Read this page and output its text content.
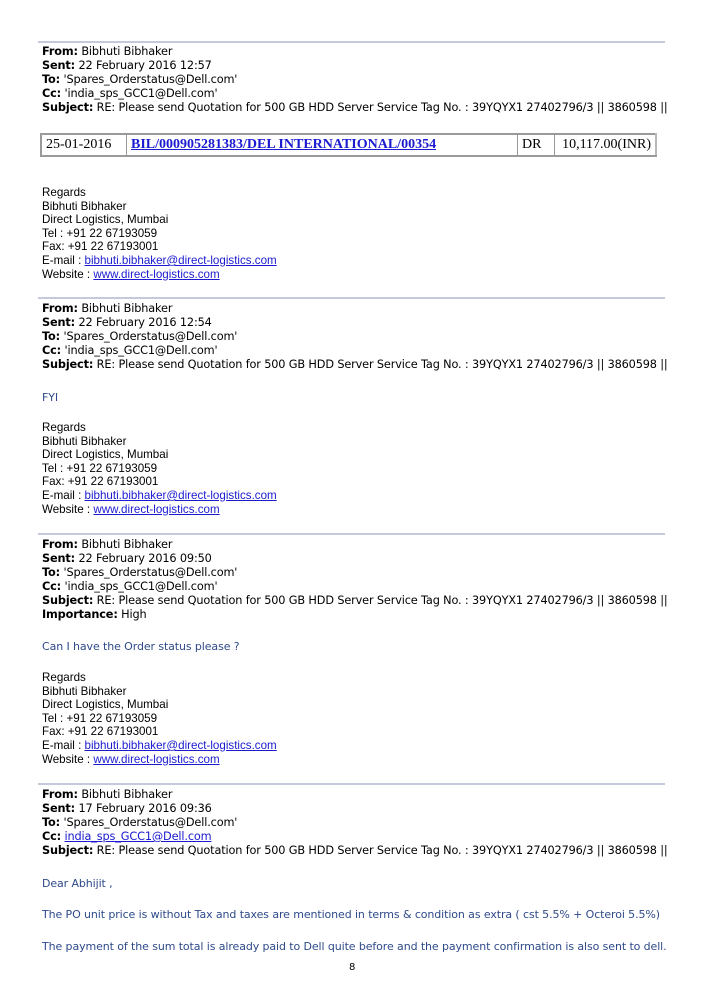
From: Bibhuti Bibhaker
Sent: 22 February 2016 12:57
To: 'Spares_Orderstatus@Dell.com'
Cc: 'india_sps_GCC1@Dell.com'
Subject: RE: Please send Quotation for 500 GB HDD Server Service Tag No. : 39YQYX1 27402796/3 || 3860598 ||
25-01-2016	BIL/000905281383/DEL INTERNATIONAL/00354	DR	10,117.00(INR)
Regards
Bibhuti Bibhaker
Direct Logistics, Mumbai
Tel : +91 22 67193059
Fax: +91 22 67193001
E-mail : bibhuti.bibhaker@direct-logistics.com
Website : www.direct-logistics.com
From: Bibhuti Bibhaker
Sent: 22 February 2016 12:54
To: 'Spares_Orderstatus@Dell.com'
Cc: 'india_sps_GCC1@Dell.com'
Subject: RE: Please send Quotation for 500 GB HDD Server Service Tag No. : 39YQYX1 27402796/3 || 3860598 ||
FYI
Regards
Bibhuti Bibhaker
Direct Logistics, Mumbai
Tel : +91 22 67193059
Fax: +91 22 67193001
E-mail : bibhuti.bibhaker@direct-logistics.com
Website : www.direct-logistics.com
From: Bibhuti Bibhaker
Sent: 22 February 2016 09:50
To: 'Spares_Orderstatus@Dell.com'
Cc: 'india_sps_GCC1@Dell.com'
Subject: RE: Please send Quotation for 500 GB HDD Server Service Tag No. : 39YQYX1 27402796/3 || 3860598 ||
Importance: High
Can I have the Order status please ?
Regards
Bibhuti Bibhaker
Direct Logistics, Mumbai
Tel : +91 22 67193059
Fax: +91 22 67193001
E-mail : bibhuti.bibhaker@direct-logistics.com
Website : www.direct-logistics.com
From: Bibhuti Bibhaker
Sent: 17 February 2016 09:36
To: 'Spares_Orderstatus@Dell.com'
Cc: india_sps_GCC1@Dell.com
Subject: RE: Please send Quotation for 500 GB HDD Server Service Tag No. : 39YQYX1 27402796/3 || 3860598 ||
Dear Abhijit ,
The PO unit price is without Tax and taxes are mentioned in terms & condition as extra ( cst 5.5% + Octeroi 5.5%)
The payment of the sum total is already paid to Dell quite before and the payment confirmation is also sent to dell.
8
